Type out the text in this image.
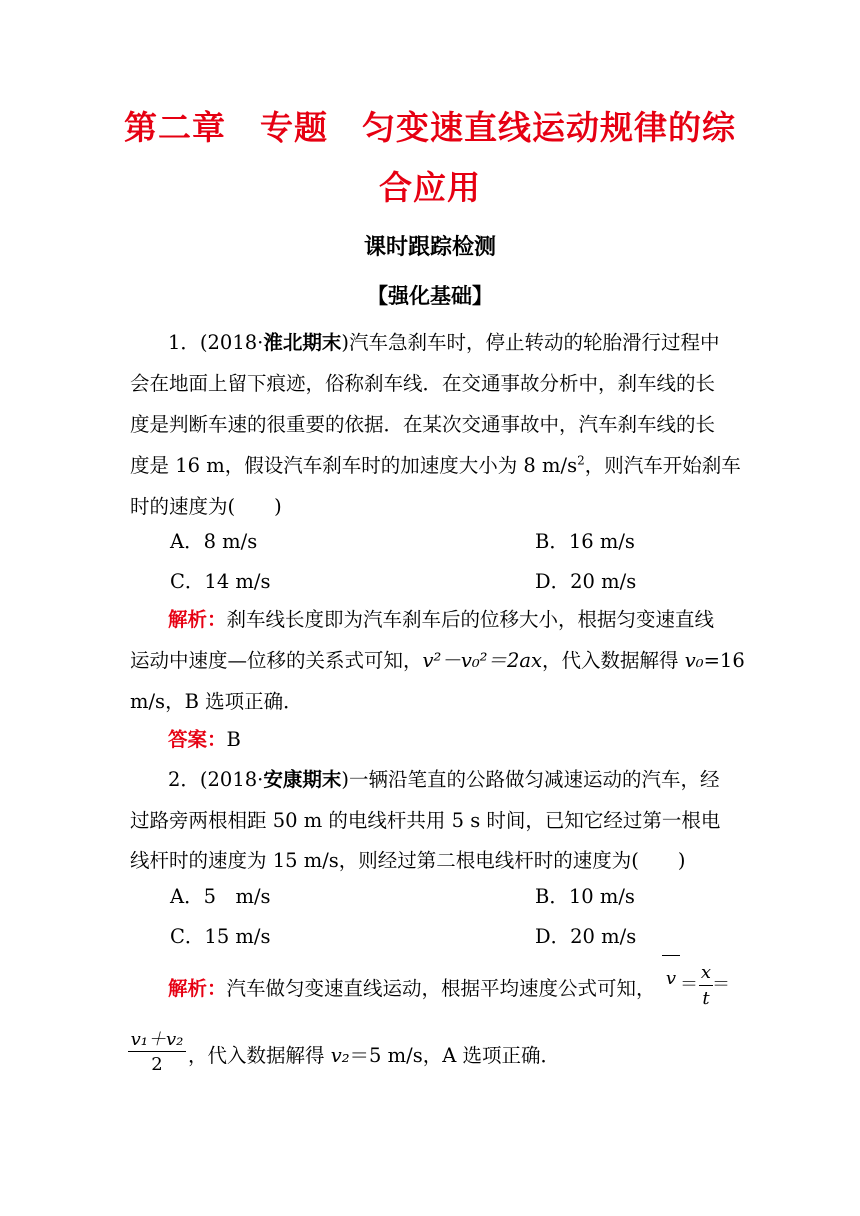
第二章　专题　匀变速直线运动规律的综
合应用
课时跟踪检测
【强化基础】
1．(2018·淮北期末)汽车急刹车时，停止转动的轮胎滑行过程中
会在地面上留下痕迹，俗称刹车线．在交通事故分析中，刹车线的长
度是判断车速的很重要的依据．在某次交通事故中，汽车刹车线的长
度是 16 m，假设汽车刹车时的加速度大小为 8 $m/s^2$，则汽车开始刹车
时的速度为(　　)
A．8 m/s	B．16 m/s
C．14 m/s	D．20 m/s
解析：刹车线长度即为汽车刹车后的位移大小，根据匀变速直线
运动中速度—位移的关系式可知，v²－v₀²＝2ax，代入数据解得 v₀=16
m/s，B 选项正确．
答案：B
2．(2018·安康期末)一辆沿笔直的公路做匀减速运动的汽车，经
过路旁两根相距 50 m 的电线杆共用 5 s 时间，已知它经过第一根电
线杆时的速度为 15 m/s，则经过第二根电线杆时的速度为(　　)
A．5　m/s	B．10 m/s
C．15 m/s	D．20 m/s
解析：汽车做匀变速直线运动，根据平均速度公式可知， v ＝
x
t
＝
v₁＋v₂
2	，代入数据解得 v₂＝5 m/s，A 选项正确．
